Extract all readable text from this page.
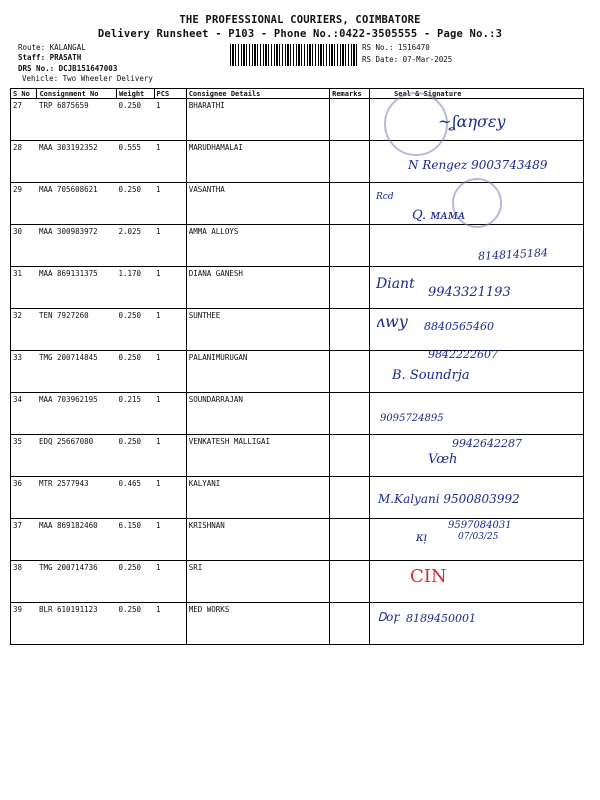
THE PROFESSIONAL COURIERS, COIMBATORE
Delivery Runsheet - P103 - Phone No.:0422-3505555 - Page No.:3
Route: KALANGAL
Staff: PRASATH
DRS No.: DCJB151647003
Vehicle: Two Wheeler Delivery
RS No.: 1516470
RS Date: 07-Mar-2025
S No	Consignment No	Weight	PCS	Consignee Details	Remarks	Seal & Signature
27	TRP 6875659	0.250	1	BHARATHI		
28	MAA 303192352	0.555	1	MARUDHAMALAI		
29	MAA 705608621	0.250	1	VASANTHA		
30	MAA 300983972	2.025	1	AMMA ALLOYS		
31	MAA 869131375	1.170	1	DIANA GANESH		
32	TEN 7927260	0.250	1	SUNTHEE		
33	TMG 200714845	0.250	1	PALANIMURUGAN		
34	MAA 703962195	0.215	1	SOUNDARRAJAN		
35	EDQ 25667080	0.250	1	VENKATESH MALLIGAI		
36	MTR 2577943	0.465	1	KALYANI		
37	MAA 869182460	6.150	1	KRISHNAN		
38	TMG 200714736	0.250	1	SRI		
39	BLR 610191123	0.250	1	MED WORKS		
~ʆαησεу
N Rengez 9003743489
Rcd
Q. ᴍᴀᴍᴀ
8148145184
Diant
9943321193
ʌwy 8840565460
9842222607
B. Soundrja
9095724895
9942642287
Vœh
M.Kalyani 9500803992
9597084031
ᴋᴉ	07/03/25
CIN
Ꭰᴏꝼ 8189450001
